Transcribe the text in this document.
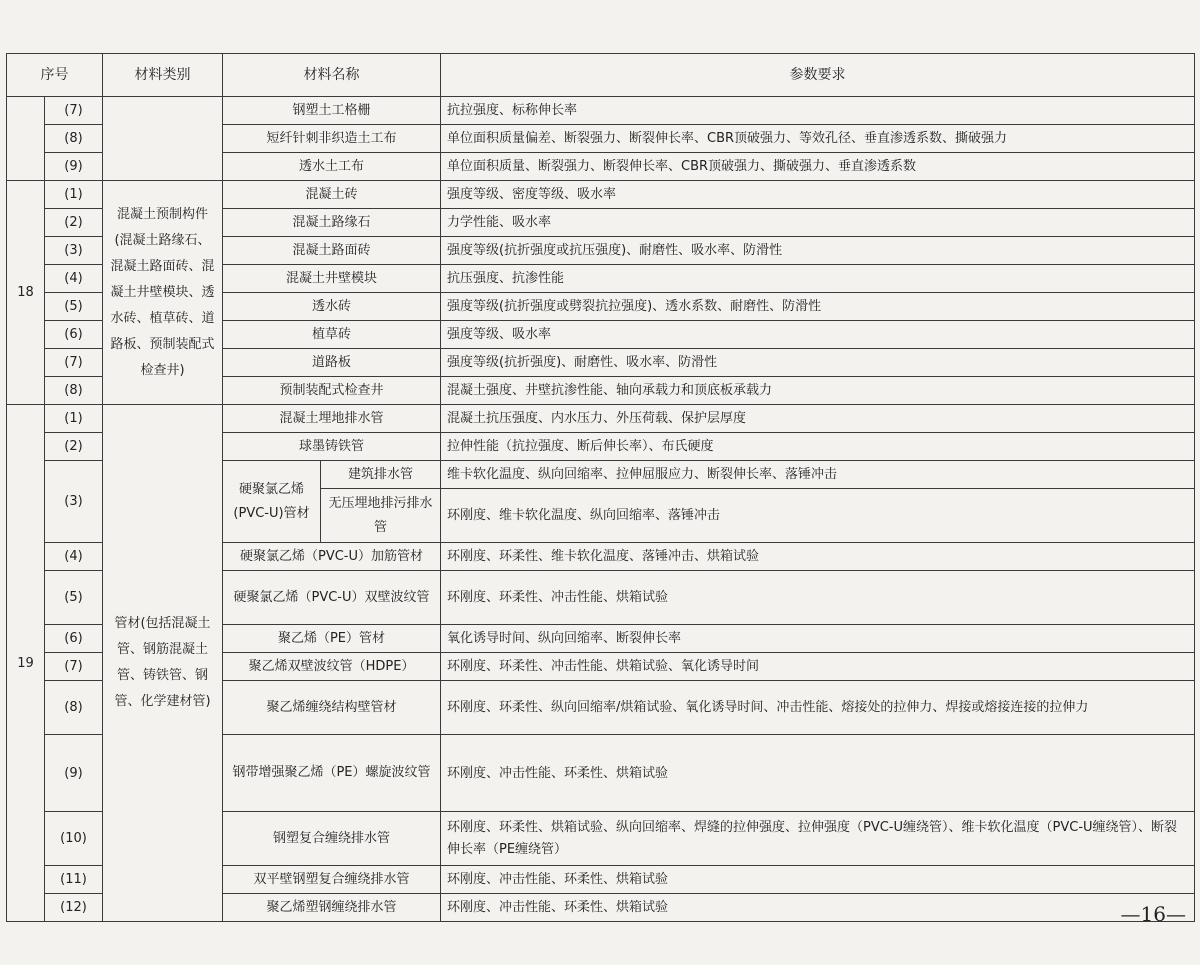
序号		材料类别	材料名称		参数要求
	(7)		钢塑土工格栅		抗拉强度、标称伸长率
	(8)		短纤针刺非织造土工布		单位面积质量偏差、断裂强力、断裂伸长率、CBR顶破强力、等效孔径、垂直渗透系数、撕破强力
	(9)		透水土工布		单位面积质量、断裂强力、断裂伸长率、CBR顶破强力、撕破强力、垂直渗透系数
18	(1)	混凝土预制构件(混凝土路缘石、混凝土路面砖、混凝土井壁模块、透水砖、植草砖、道路板、预制装配式检查井)	混凝土砖		强度等级、密度等级、吸水率
	(2)		混凝土路缘石		力学性能、吸水率
	(3)		混凝土路面砖		强度等级(抗折强度或抗压强度)、耐磨性、吸水率、防滑性
	(4)		混凝土井壁模块		抗压强度、抗渗性能
	(5)		透水砖		强度等级(抗折强度或劈裂抗拉强度)、透水系数、耐磨性、防滑性
	(6)		植草砖		强度等级、吸水率
	(7)		道路板		强度等级(抗折强度)、耐磨性、吸水率、防滑性
	(8)		预制装配式检查井		混凝土强度、井壁抗渗性能、轴向承载力和顶底板承载力
19	(1)	管材(包括混凝土管、钢筋混凝土管、铸铁管、钢管、化学建材管)	混凝土埋地排水管		混凝土抗压强度、内水压力、外压荷载、保护层厚度
	(2)		球墨铸铁管		拉伸性能（抗拉强度、断后伸长率）、布氏硬度
	(3)		硬聚氯乙烯(PVC-U)管材	建筑排水管	维卡软化温度、纵向回缩率、拉伸屈服应力、断裂伸长率、落锤冲击
				无压埋地排污排水管	环刚度、维卡软化温度、纵向回缩率、落锤冲击
	(4)		硬聚氯乙烯（PVC-U）加筋管材		环刚度、环柔性、维卡软化温度、落锤冲击、烘箱试验
	(5)		硬聚氯乙烯（PVC-U）双壁波纹管		环刚度、环柔性、冲击性能、烘箱试验
	(6)		聚乙烯（PE）管材		氧化诱导时间、纵向回缩率、断裂伸长率
	(7)		聚乙烯双壁波纹管（HDPE）		环刚度、环柔性、冲击性能、烘箱试验、氧化诱导时间
	(8)		聚乙烯缠绕结构壁管材		环刚度、环柔性、纵向回缩率/烘箱试验、氧化诱导时间、冲击性能、熔接处的拉伸力、焊接或熔接连接的拉伸力
	(9)		钢带增强聚乙烯（PE）螺旋波纹管		环刚度、冲击性能、环柔性、烘箱试验
	(10)		钢塑复合缠绕排水管		环刚度、环柔性、烘箱试验、纵向回缩率、焊缝的拉伸强度、拉伸强度（PVC-U缠绕管）、维卡软化温度（PVC-U缠绕管）、断裂伸长率（PE缠绕管）
	(11)		双平壁钢塑复合缠绕排水管		环刚度、冲击性能、环柔性、烘箱试验
	(12)		聚乙烯塑钢缠绕排水管		环刚度、冲击性能、环柔性、烘箱试验	—16—
